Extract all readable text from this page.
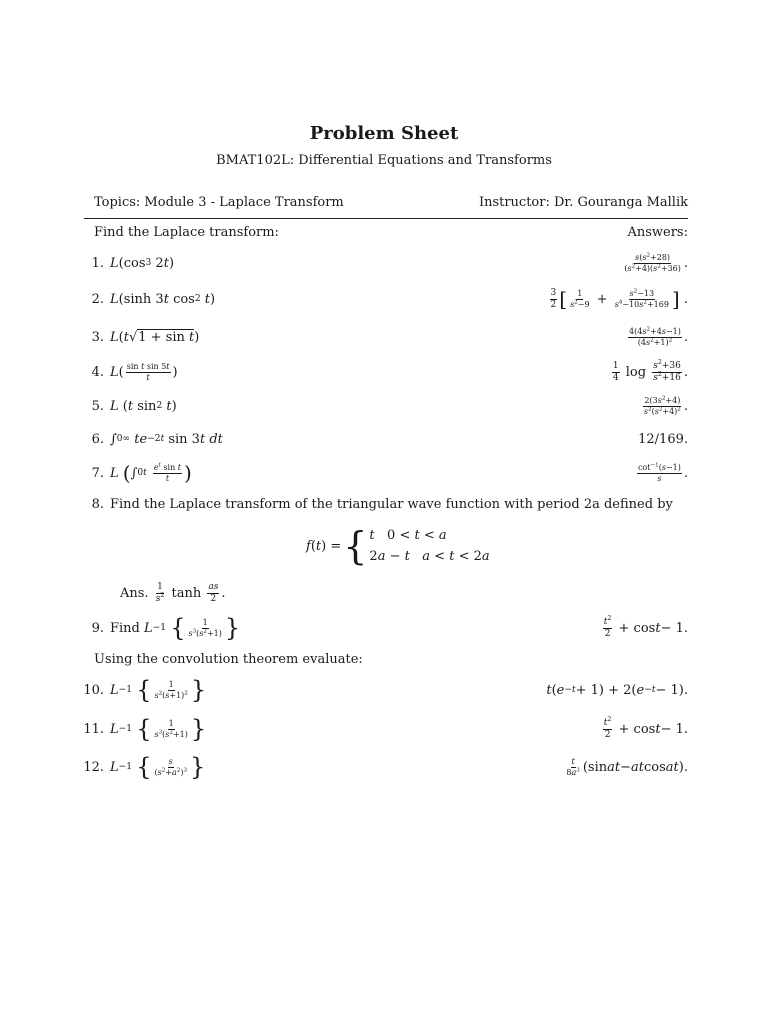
Problem Sheet
BMAT102L: Differential Equations and Transforms
Topics: Module 3 - Laplace Transform	Instructor: Dr. Gouranga Mallik
Find the Laplace transform:	Answers:
1. L (cos 3 2 t )	$\frac{s(s^2+28)}{(s^2+4)(s^2+36)}$ .
2. L (sinh 3 t cos 2
t )	$\frac{3}{2}$ [ $\frac{1}{s^2-9} + \frac{s^2-13}{s^4-10s^2+169}$ ] .
3. L ( t √ 1 + sin t )	$\frac{4(4s^2+4s-1)}{(4s^2+1)^2}$ .
4. L ( $\frac{\text{sin t sin 5t}}{t}$ )	$\frac{1}{4}$ $\log \frac{s^2+36}{s^2+16}$ .
5. L ( t sin 2
t )	$\frac{2(3s^2+4)}{s^2(s^2+4)^2}$ .
6. ∫ 0 ∞
te −2t sin 3 t
dt	12/169.
7. L
( ∫ 0 t
$\frac{e^t \sin t}{t}$ )	$\frac{\cot^{-1}(s-1)}{s}$ .
8. Find the Laplace transform of the triangular wave function with period 2a defined by
f(t) = { t   0 < t < a
2a − t a < t < 2a
Ans.
$\frac{1}{s^2}$ $\tanh \frac{as}{2}$ .
9. Find
L −1
{ $\frac{1}{s^3(s^2+1)}$ }	$\frac{t^2}{2} + \cos t - 1$.
Using the convolution theorem evaluate:
10. L −1
{ $\frac{1}{s^2(s+1)^2}$ }	t ( e −t + 1) + 2( e −t − 1).
11. L −1
{ $\frac{1}{s^3(s^2+1)}$ }	$\frac{t^2}{2} + \cos t - 1$.
12. L −1
{ $\frac{s}{(s^2+a^2)^3}$ }	$\frac{t}{8a^3} (\sin$ at − at cos at ).
